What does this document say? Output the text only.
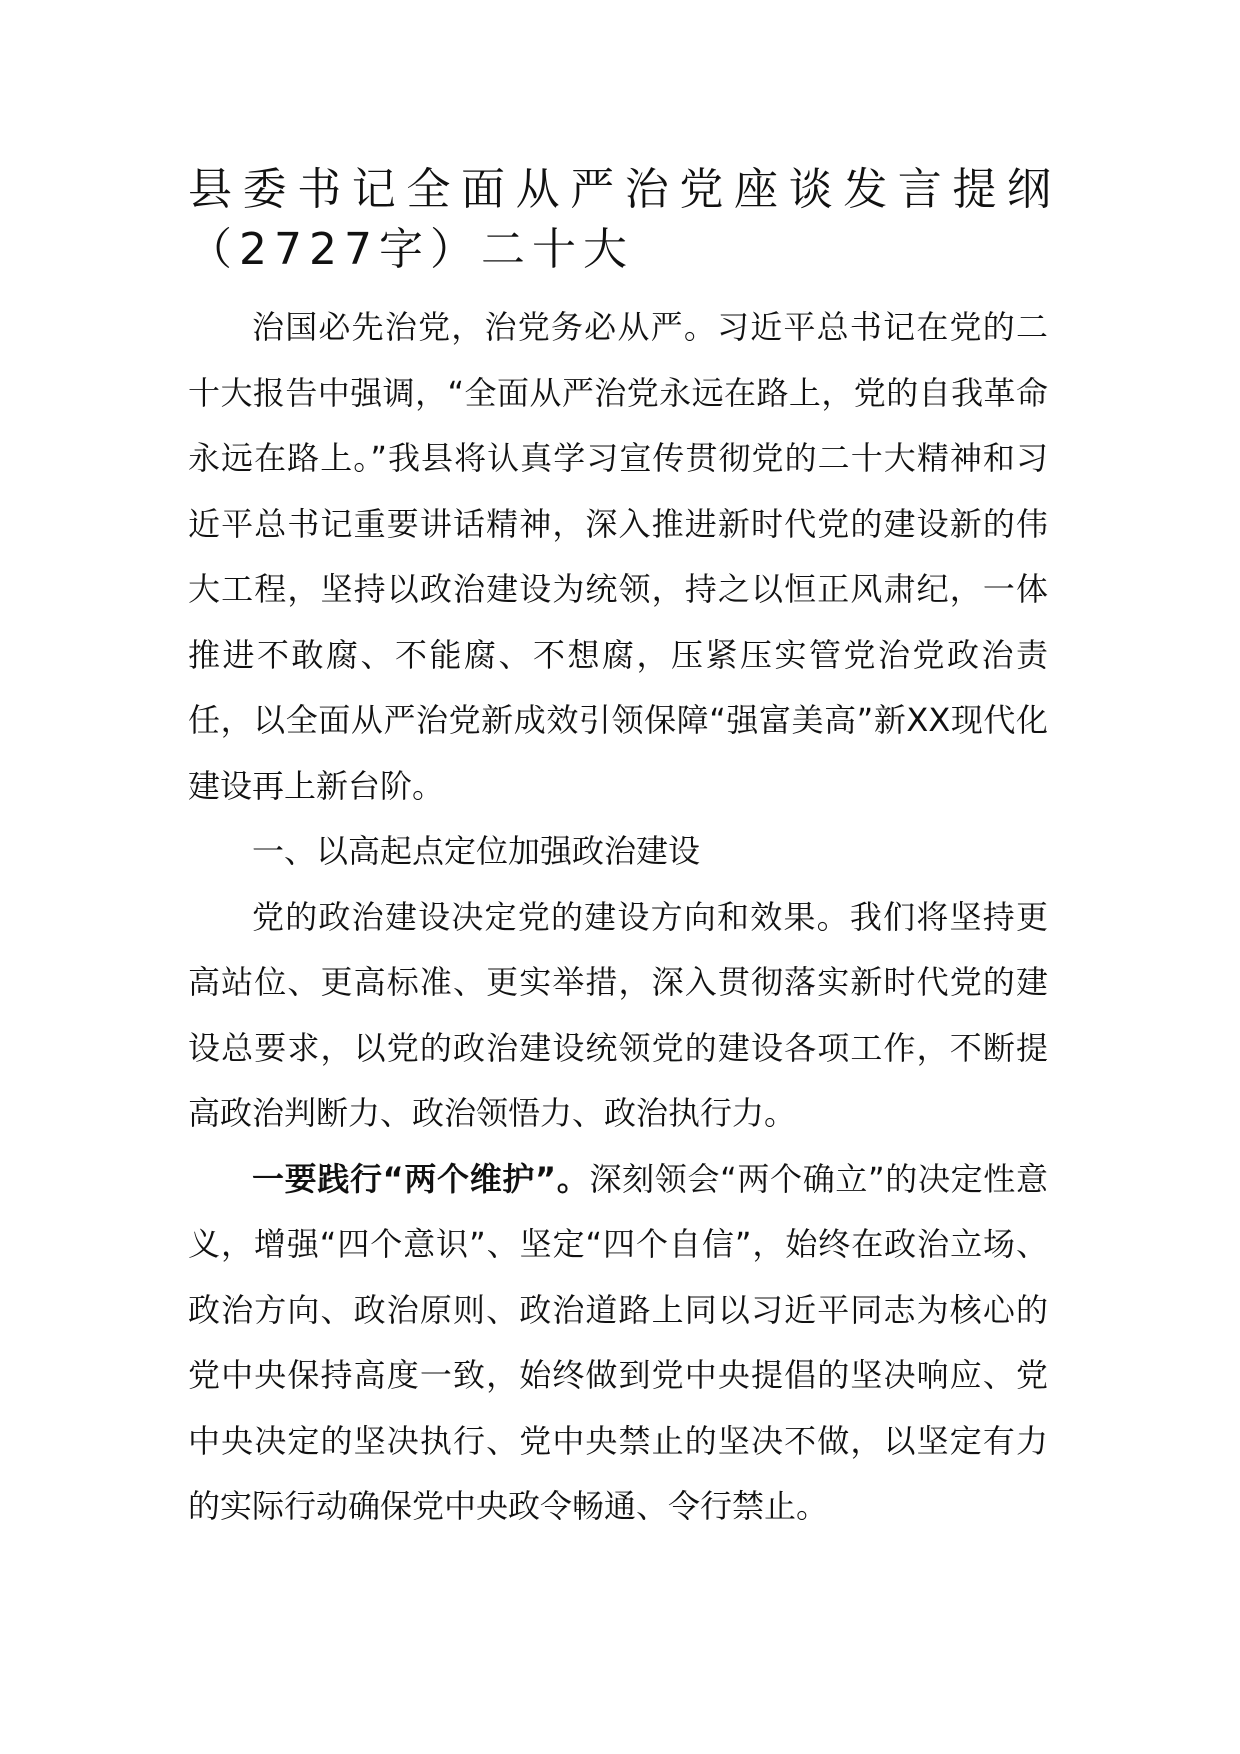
县委书记全面从严治党座谈发言提纲（2727字）二十大

治国必先治党，治党务必从严。习近平总书记在党的二十大报告中强调，“全面从严治党永远在路上，党的自我革命永远在路上。”我县将认真学习宣传贯彻党的二十大精神和习近平总书记重要讲话精神，深入推进新时代党的建设新的伟大工程，坚持以政治建设为统领，持之以恒正风肃纪，一体推进不敢腐、不能腐、不想腐，压紧压实管党治党政治责任，以全面从严治党新成效引领保障“强富美高”新XX现代化建设再上新台阶。

一、以高起点定位加强政治建设

党的政治建设决定党的建设方向和效果。我们将坚持更高站位、更高标准、更实举措，深入贯彻落实新时代党的建设总要求，以党的政治建设统领党的建设各项工作，不断提高政治判断力、政治领悟力、政治执行力。

一要践行“两个维护”。深刻领会“两个确立”的决定性意义，增强“四个意识”、坚定“四个自信”，始终在政治立场、政治方向、政治原则、政治道路上同以习近平同志为核心的党中央保持高度一致，始终做到党中央提倡的坚决响应、党中央决定的坚决执行、党中央禁止的坚决不做，以坚定有力的实际行动确保党中央政令畅通、令行禁止。
